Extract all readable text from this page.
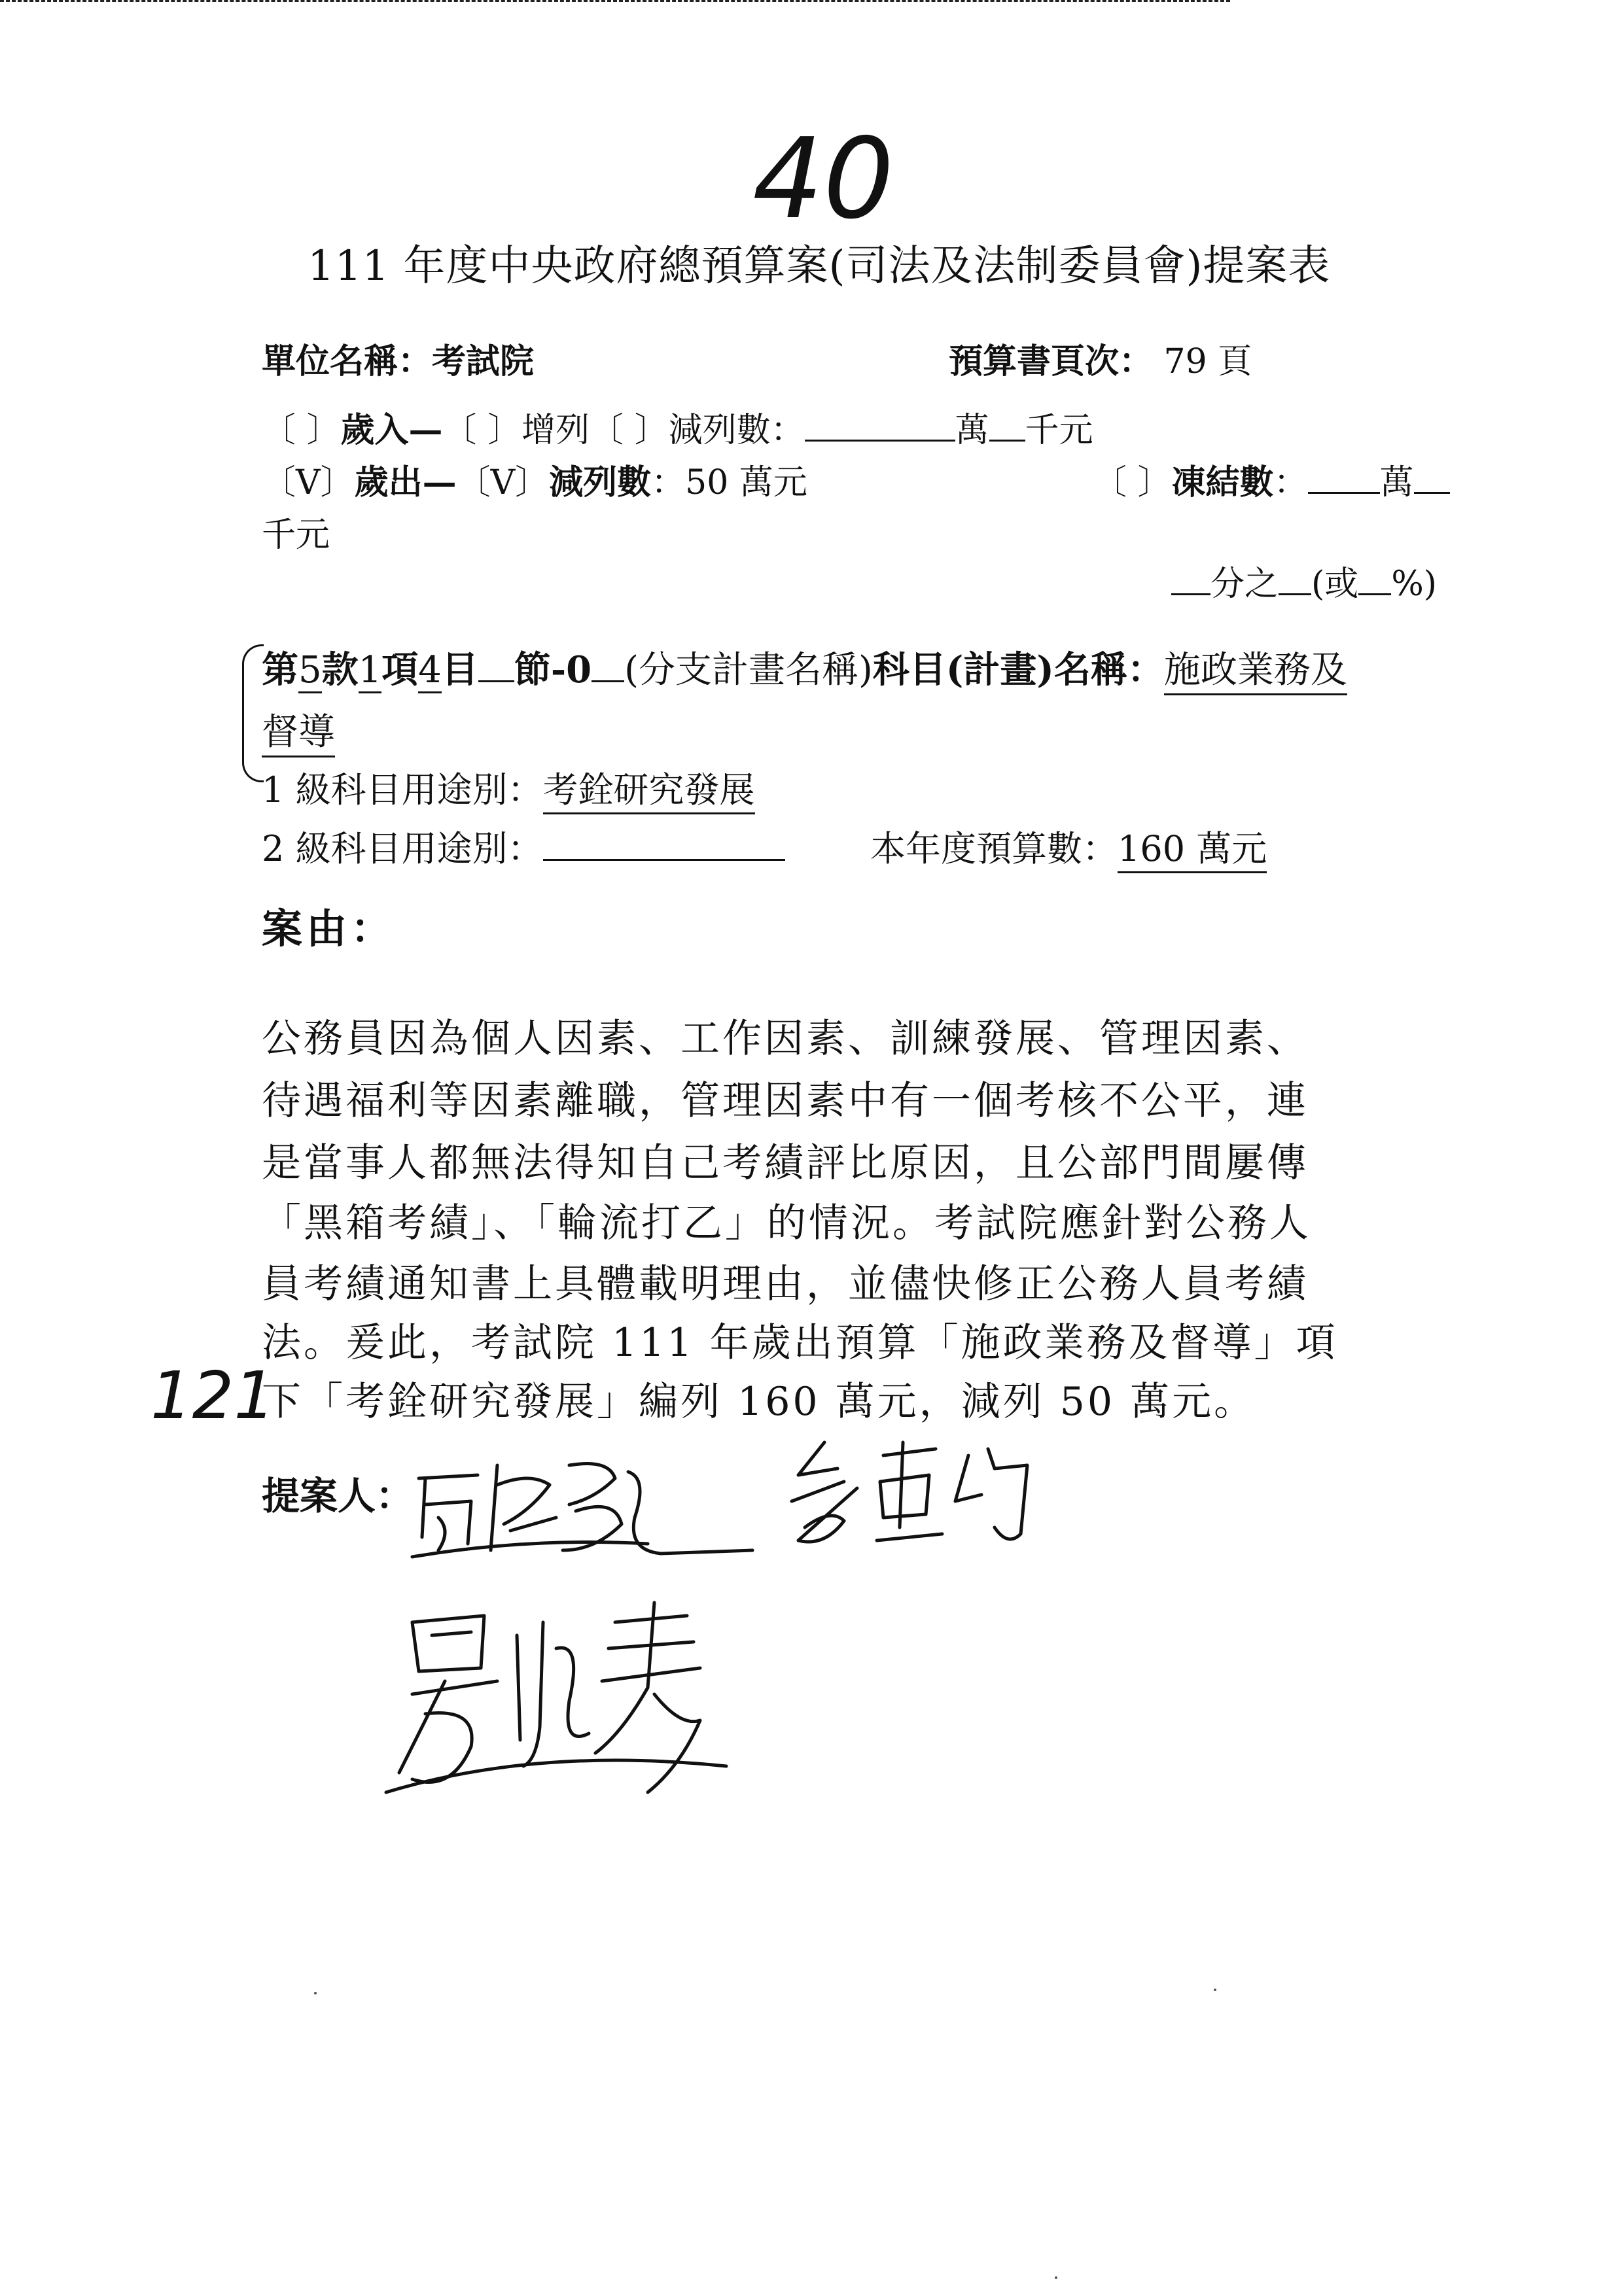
40
111 年度中央政府總預算案(司法及法制委員會)提案表
單位名稱：考試院	預算書頁次： 79 頁
〔 〕歲入—〔 〕增列〔 〕減列數：	萬 千元
〔V〕歲出—〔V〕減列數：50 萬元	〔 〕凍結數： 萬
千元
分之 (或 %)
第5款1項4目 節-0 (分支計畫名稱)科目(計畫)名稱：施政業務及
督導
1 級科目用途別：考銓研究發展
2 級科目用途別：	本年度預算數：160 萬元
案由：
公務員因為個人因素、工作因素、訓練發展、管理因素、
待遇福利等因素離職，管理因素中有一個考核不公平，連
是當事人都無法得知自己考績評比原因，且公部門間屢傳
「黑箱考績」、「輪流打乙」的情況。考試院應針對公務人
員考績通知書上具體載明理由，並儘快修正公務人員考績
法。爰此，考試院 111 年歲出預算「施政業務及督導」項
下「考銓研究發展」編列 160 萬元，減列 50 萬元。
121
提案人：
